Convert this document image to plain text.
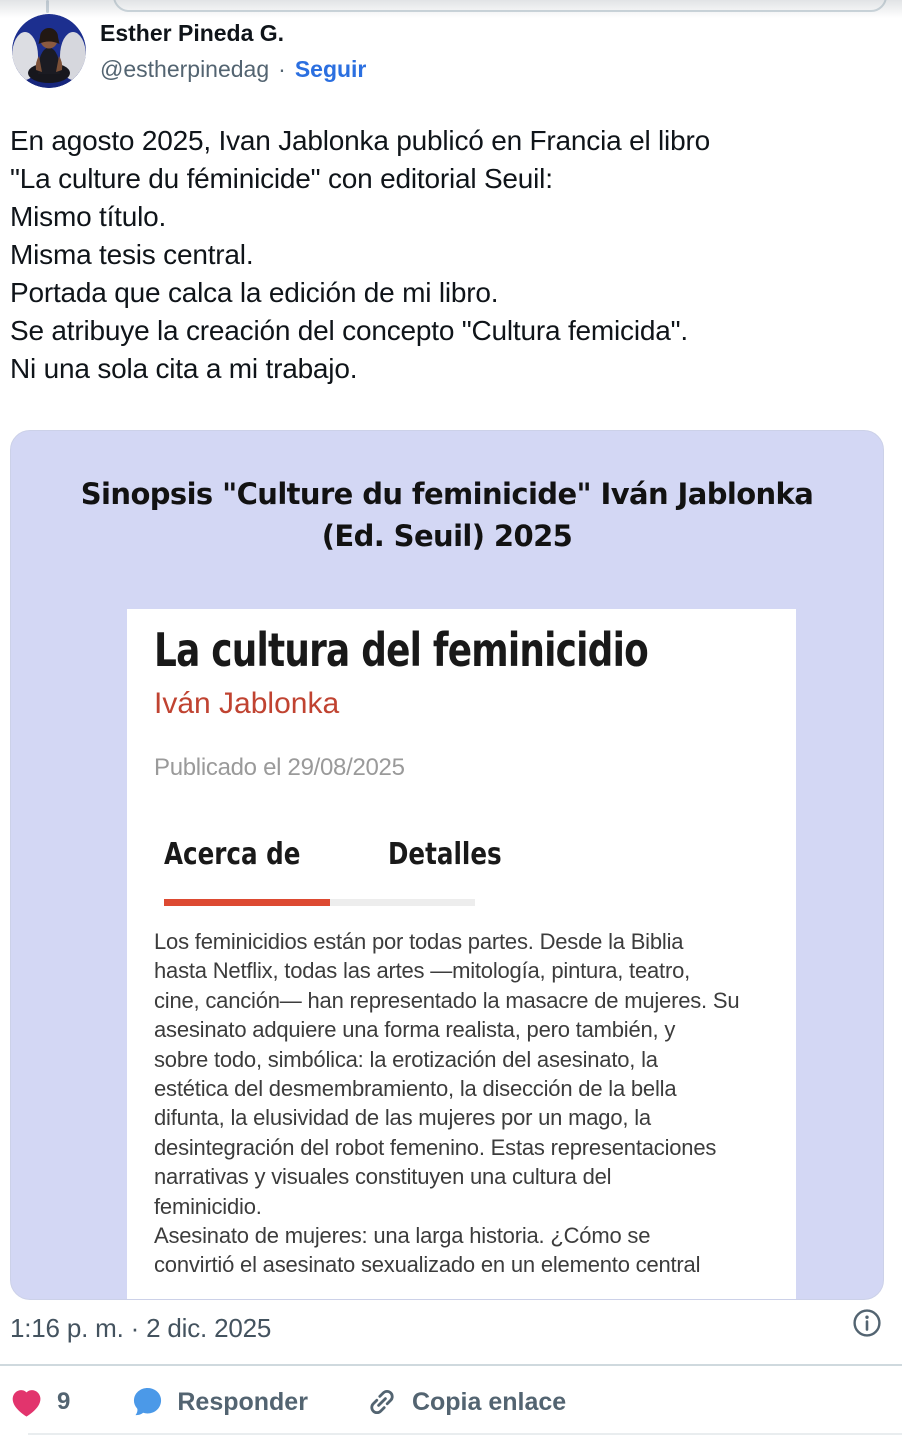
Esther Pineda G.
@estherpinedag · Seguir
En agosto 2025, Ivan Jablonka publicó en Francia el libro
"La culture du féminicide" con editorial Seuil:
Mismo título.
Misma tesis central.
Portada que calca la edición de mi libro.
Se atribuye la creación del concepto "Cultura femicida".
Ni una sola cita a mi trabajo.
Sinopsis "Culture du feminicide" Iván Jablonka
(Ed. Seuil) 2025
La cultura del feminicidio
Iván Jablonka
Publicado el 29/08/2025
Acerca de	Detalles
Los feminicidios están por todas partes. Desde la Biblia
hasta Netflix, todas las artes —mitología, pintura, teatro,
cine, canción— han representado la masacre de mujeres. Su
asesinato adquiere una forma realista, pero también, y
sobre todo, simbólica: la erotización del asesinato, la
estética del desmembramiento, la disección de la bella
difunta, la elusividad de las mujeres por un mago, la
desintegración del robot femenino. Estas representaciones
narrativas y visuales constituyen una cultura del
feminicidio.
Asesinato de mujeres: una larga historia. ¿Cómo se
convirtió el asesinato sexualizado en un elemento central
1:16 p. m. · 2 dic. 2025
9	Responder	Copia enlace
